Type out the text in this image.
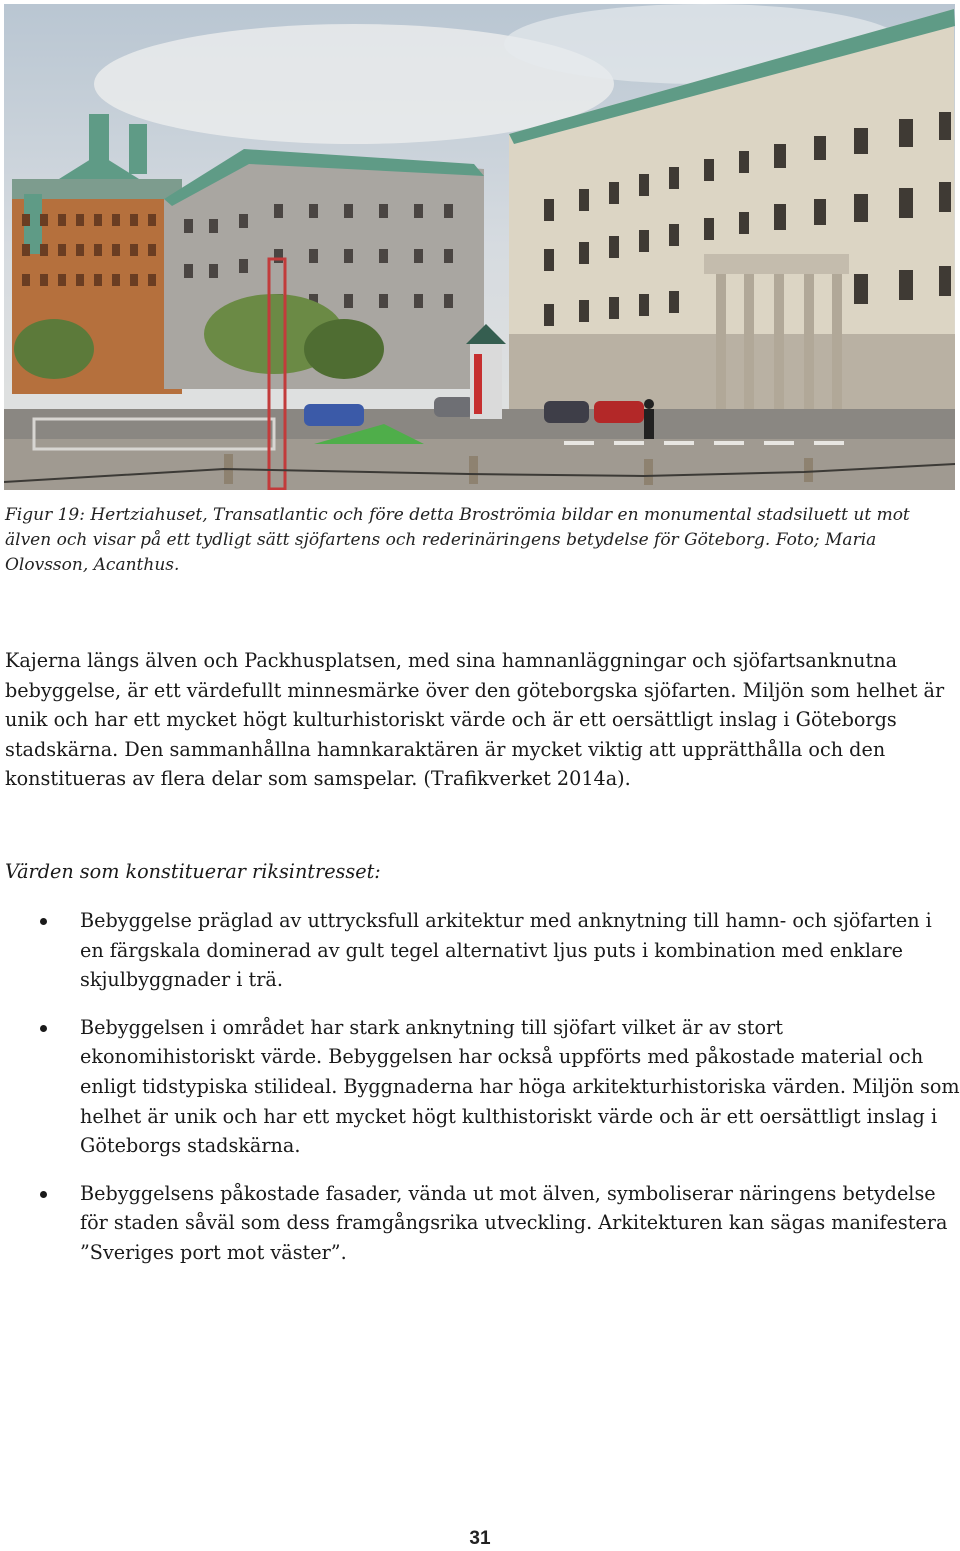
Figur 19: Hertziahuset, Transatlantic och före detta Broströmia bildar en monumental stadsiluett ut mot älven och visar på ett tydligt sätt sjöfartens och rederinäringens betydelse för Göteborg. Foto; Maria Olovsson, Acanthus.

Kajerna längs älven och Packhusplatsen, med sina hamnanläggningar och sjöfartsanknutna bebyggelse, är ett värdefullt minnesmärke över den göteborgska sjöfarten. Miljön som helhet är unik och har ett mycket högt kulturhistoriskt värde och är ett oersättligt inslag i Göteborgs stadskärna. Den sammanhållna hamnkaraktären är mycket viktig att upprätthålla och den konstitueras av flera delar som samspelar. (Trafikverket 2014a).

Värden som konstituerar riksintresset:
Bebyggelse präglad av uttrycksfull arkitektur med anknytning till hamn- och sjöfarten i en färgskala dominerad av gult tegel alternativt ljus puts i kombination med enklare skjulbyggnader i trä.
Bebyggelsen i området har stark anknytning till sjöfart vilket är av stort ekonomihistoriskt värde. Bebyggelsen har också uppförts med påkostade material och enligt tidstypiska stilideal. Byggnaderna har höga arkitekturhistoriska värden. Miljön som helhet är unik och har ett mycket högt kulthistoriskt värde och är ett oersättligt inslag i Göteborgs stadskärna.
Bebyggelsens påkostade fasader, vända ut mot älven, symboliserar näringens betydelse för staden såväl som dess framgångsrika utveckling. Arkitekturen kan sägas manifestera ”Sveriges port mot väster”.
31
